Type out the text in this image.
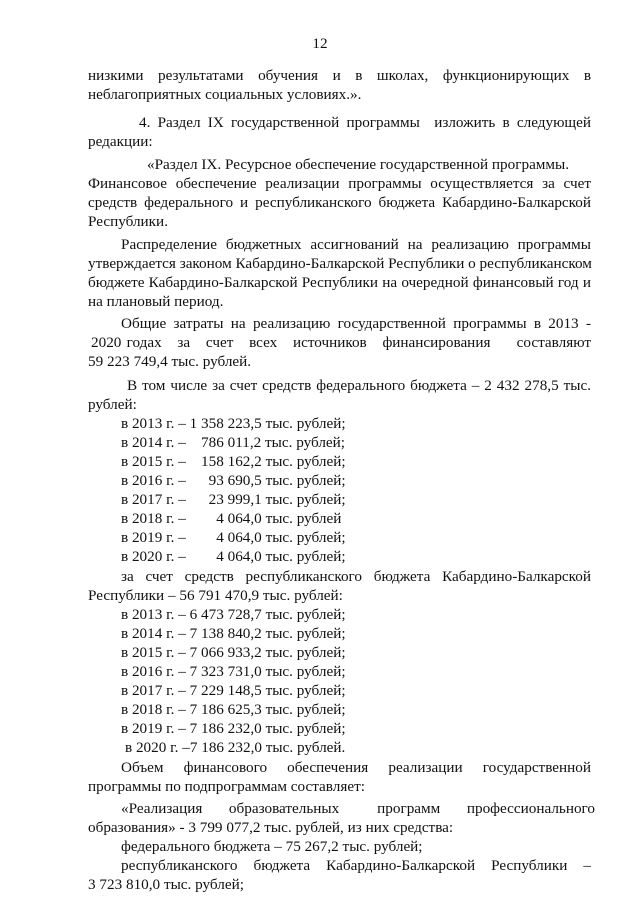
12
низкими   результатами   обучения   и   в   школах,   функционирующих   в
неблагоприятных социальных условиях.».
4. Раздел IX государственной программы  изложить в следующей
редакции:
«Раздел IX. Ресурсное обеспечение государственной программы.
Финансовое обеспечение реализации программы осуществляется за счет
средств федерального и республиканского бюджета Кабардино-Балкарской
Республики.
Распределение бюджетных ассигнований на реализацию программы
утверждается законом Кабардино-Балкарской Республики о республиканском
бюджете Кабардино-Балкарской Республики на очередной финансовый год и
на плановый период.
Общие затраты на реализацию государственной программы в 2013 -
2020 годах   за   счет   всех   источников   финансирования     составляют
59 223 749,4 тыс. рублей.
В том числе за счет средств федерального бюджета – 2 432 278,5 тыс.
рублей:
в 2013 г. – 1 358 223,5 тыс. рублей;
в 2014 г. –    786 011,2 тыс. рублей;
в 2015 г. –    158 162,2 тыс. рублей;
в 2016 г. –      93 690,5 тыс. рублей;
в 2017 г. –      23 999,1 тыс. рублей;
в 2018 г. –        4 064,0 тыс. рублей
в 2019 г. –        4 064,0 тыс. рублей;
в 2020 г. –        4 064,0 тыс. рублей;
за   счет   средств   республиканского   бюджета   Кабардино-Балкарской
Республики – 56 791 470,9 тыс. рублей:
в 2013 г. – 6 473 728,7 тыс. рублей;
в 2014 г. – 7 138 840,2 тыс. рублей;
в 2015 г. – 7 066 933,2 тыс. рублей;
в 2016 г. – 7 323 731,0 тыс. рублей;
в 2017 г. – 7 229 148,5 тыс. рублей;
в 2018 г. – 7 186 625,3 тыс. рублей;
в 2019 г. – 7 186 232,0 тыс. рублей;
в 2020 г. –7 186 232,0 тыс. рублей.
Объем     финансового     обеспечения     реализации     государственной
программы по подпрограммам составляет:
«Реализация       образовательных          программ       профессионального
образования» - 3 799 077,2 тыс. рублей, из них средства:
федерального бюджета – 75 267,2 тыс. рублей;
республиканского   бюджета   Кабардино-Балкарской   Республики   –
3 723 810,0 тыс. рублей;
